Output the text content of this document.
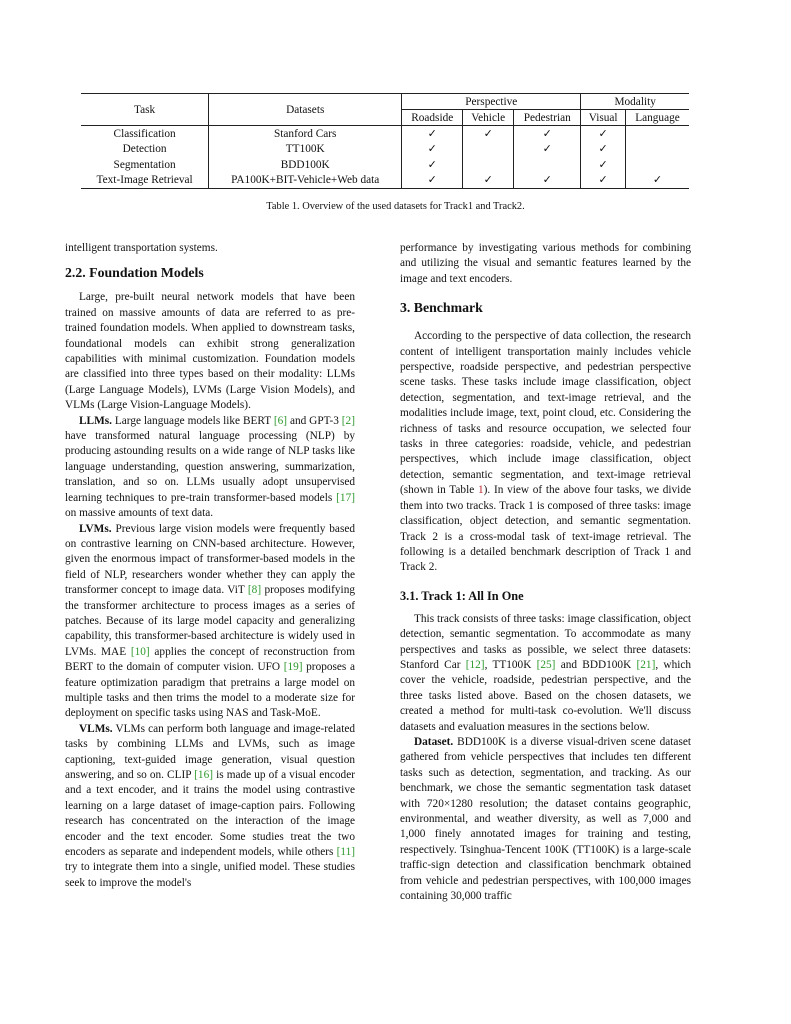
Task	Datasets	Perspective			Modality	
		Roadside	Vehicle	Pedestrian	Visual	Language
Classification	Stanford Cars	✓	✓	✓	✓	
Detection	TT100K	✓		✓	✓	
Segmentation	BDD100K	✓			✓	
Text-Image Retrieval	PA100K+BIT-Vehicle+Web data	✓	✓	✓	✓	✓
Table 1. Overview of the used datasets for Track1 and Track2.

intelligent transportation systems.

2.2. Foundation Models

Large, pre-built neural network models that have been trained on massive amounts of data are referred to as pre-trained foundation models. When applied to downstream tasks, foundational models can exhibit strong generalization capabilities with minimal customization. Foundation models are classified into three types based on their modality: LLMs (Large Language Models), LVMs (Large Vision Models), and VLMs (Large Vision-Language Models).

LLMs. Large language models like BERT [6] and GPT-3 [2] have transformed natural language processing (NLP) by producing astounding results on a wide range of NLP tasks like language understanding, question answering, summarization, translation, and so on. LLMs usually adopt unsupervised learning techniques to pre-train transformer-based models [17] on massive amounts of text data.

LVMs. Previous large vision models were frequently based on contrastive learning on CNN-based architecture. However, given the enormous impact of transformer-based models in the field of NLP, researchers wonder whether they can apply the transformer concept to image data. ViT [8] proposes modifying the transformer architecture to process images as a series of patches. Because of its large model capacity and generalizing capability, this transformer-based architecture is widely used in LVMs. MAE [10] applies the concept of reconstruction from BERT to the domain of computer vision. UFO [19] proposes a feature optimization paradigm that pretrains a large model on multiple tasks and then trims the model to a moderate size for deployment on specific tasks using NAS and Task-MoE.

VLMs. VLMs can perform both language and image-related tasks by combining LLMs and LVMs, such as image captioning, text-guided image generation, visual question answering, and so on. CLIP [16] is made up of a visual encoder and a text encoder, and it trains the model using contrastive learning on a large dataset of image-caption pairs. Following research has concentrated on the interaction of the image encoder and the text encoder. Some studies treat the two encoders as separate and independent models, while others [11] try to integrate them into a single, unified model. These studies seek to improve the model's

performance by investigating various methods for combining and utilizing the visual and semantic features learned by the image and text encoders.

3. Benchmark

According to the perspective of data collection, the research content of intelligent transportation mainly includes vehicle perspective, roadside perspective, and pedestrian perspective scene tasks. These tasks include image classification, object detection, segmentation, and text-image retrieval, and the modalities include image, text, point cloud, etc. Considering the richness of tasks and resource occupation, we selected four tasks in three categories: roadside, vehicle, and pedestrian perspectives, which include image classification, object detection, semantic segmentation, and text-image retrieval (shown in Table 1). In view of the above four tasks, we divide them into two tracks. Track 1 is composed of three tasks: image classification, object detection, and semantic segmentation. Track 2 is a cross-modal task of text-image retrieval. The following is a detailed benchmark description of Track 1 and Track 2.

3.1. Track 1: All In One

This track consists of three tasks: image classification, object detection, semantic segmentation. To accommodate as many perspectives and tasks as possible, we select three datasets: Stanford Car [12], TT100K [25] and BDD100K [21], which cover the vehicle, roadside, pedestrian perspective, and the three tasks listed above. Based on the chosen datasets, we created a method for multi-task co-evolution. We'll discuss datasets and evaluation measures in the sections below.

Dataset. BDD100K is a diverse visual-driven scene dataset gathered from vehicle perspectives that includes ten different tasks such as detection, segmentation, and tracking. As our benchmark, we chose the semantic segmentation task dataset with 720×1280 resolution; the dataset contains geographic, environmental, and weather diversity, as well as 7,000 and 1,000 finely annotated images for training and testing, respectively. Tsinghua-Tencent 100K (TT100K) is a large-scale traffic-sign detection and classification benchmark obtained from vehicle and pedestrian perspectives, with 100,000 images containing 30,000 traffic
